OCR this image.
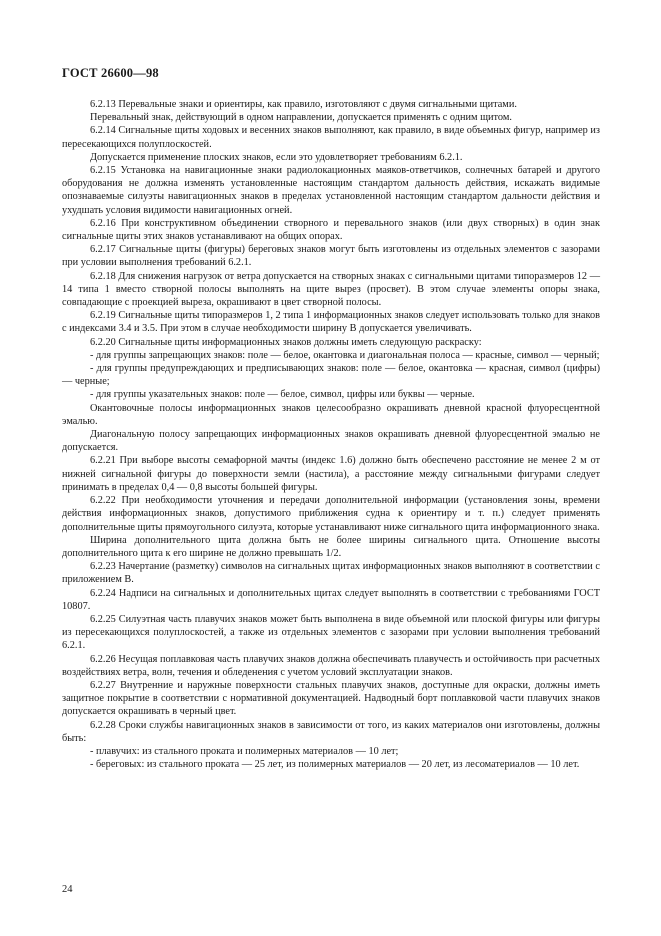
ГОСТ 26600—98

6.2.13 Перевальные знаки и ориентиры, как правило, изготовляют с двумя сигнальными щитами.

Перевальный знак, действующий в одном направлении, допускается применять с одним щитом.

6.2.14 Сигнальные щиты ходовых и весенних знаков выполняют, как правило, в виде объемных фигур, например из пересекающихся полуплоскостей.

Допускается применение плоских знаков, если это удовлетворяет требованиям 6.2.1.

6.2.15 Установка на навигационные знаки радиолокационных маяков-ответчиков, солнечных батарей и другого оборудования не должна изменять установленные настоящим стандартом дальность действия, искажать видимые опознаваемые силуэты навигационных знаков в пределах установленной настоящим стандартом дальности действия и ухудшать условия видимости навигационных огней.

6.2.16 При конструктивном объединении створного и перевального знаков (или двух створных) в один знак сигнальные щиты этих знаков устанавливают на общих опорах.

6.2.17 Сигнальные щиты (фигуры) береговых знаков могут быть изготовлены из отдельных элементов с зазорами при условии выполнения требований 6.2.1.

6.2.18 Для снижения нагрузок от ветра допускается на створных знаках с сигнальными щитами типоразмеров 12 — 14 типа 1 вместо створной полосы выполнять на щите вырез (просвет). В этом случае элементы опоры знака, совпадающие с проекцией выреза, окрашивают в цвет створной полосы.

6.2.19 Сигнальные щиты типоразмеров 1, 2 типа 1 информационных знаков следует использовать только для знаков с индексами 3.4 и 3.5. При этом в случае необходимости ширину B допускается увеличивать.

6.2.20 Сигнальные щиты информационных знаков должны иметь следующую раскраску:

- для группы запрещающих знаков: поле — белое, окантовка и диагональная полоса — красные, символ — черный;

- для группы предупреждающих и предписывающих знаков: поле — белое, окантовка — красная, символ (цифры) — черные;

- для группы указательных знаков: поле — белое, символ, цифры или буквы — черные.

Окантовочные полосы информационных знаков целесообразно окрашивать дневной красной флуоресцентной эмалью.

Диагональную полосу запрещающих информационных знаков окрашивать дневной флуоресцентной эмалью не допускается.

6.2.21 При выборе высоты семафорной мачты (индекс 1.6) должно быть обеспечено расстояние не менее 2 м от нижней сигнальной фигуры до поверхности земли (настила), а расстояние между сигнальными фигурами следует принимать в пределах 0,4 — 0,8 высоты большей фигуры.

6.2.22 При необходимости уточнения и передачи дополнительной информации (установления зоны, времени действия информационных знаков, допустимого приближения судна к ориентиру и т. п.) следует применять дополнительные щиты прямоугольного силуэта, которые устанавливают ниже сигнального щита информационного знака.

Ширина дополнительного щита должна быть не более ширины сигнального щита. Отношение высоты дополнительного щита к его ширине не должно превышать 1/2.

6.2.23 Начертание (разметку) символов на сигнальных щитах информационных знаков выполняют в соответствии с приложением В.

6.2.24 Надписи на сигнальных и дополнительных щитах следует выполнять в соответствии с требованиями ГОСТ 10807.

6.2.25 Силуэтная часть плавучих знаков может быть выполнена в виде объемной или плоской фигуры или фигуры из пересекающихся полуплоскостей, а также из отдельных элементов с зазорами при условии выполнения требований 6.2.1.

6.2.26 Несущая поплавковая часть плавучих знаков должна обеспечивать плавучесть и остойчивость при расчетных воздействиях ветра, волн, течения и обледенения с учетом условий эксплуатации знаков.

6.2.27 Внутренние и наружные поверхности стальных плавучих знаков, доступные для окраски, должны иметь защитное покрытие в соответствии с нормативной документацией. Надводный борт поплавковой части плавучих знаков допускается окрашивать в черный цвет.

6.2.28 Сроки службы навигационных знаков в зависимости от того, из каких материалов они изготовлены, должны быть:

- плавучих: из стального проката и полимерных материалов — 10 лет;

- береговых: из стального проката — 25 лет, из полимерных материалов — 20 лет, из лесоматериалов — 10 лет.

24
